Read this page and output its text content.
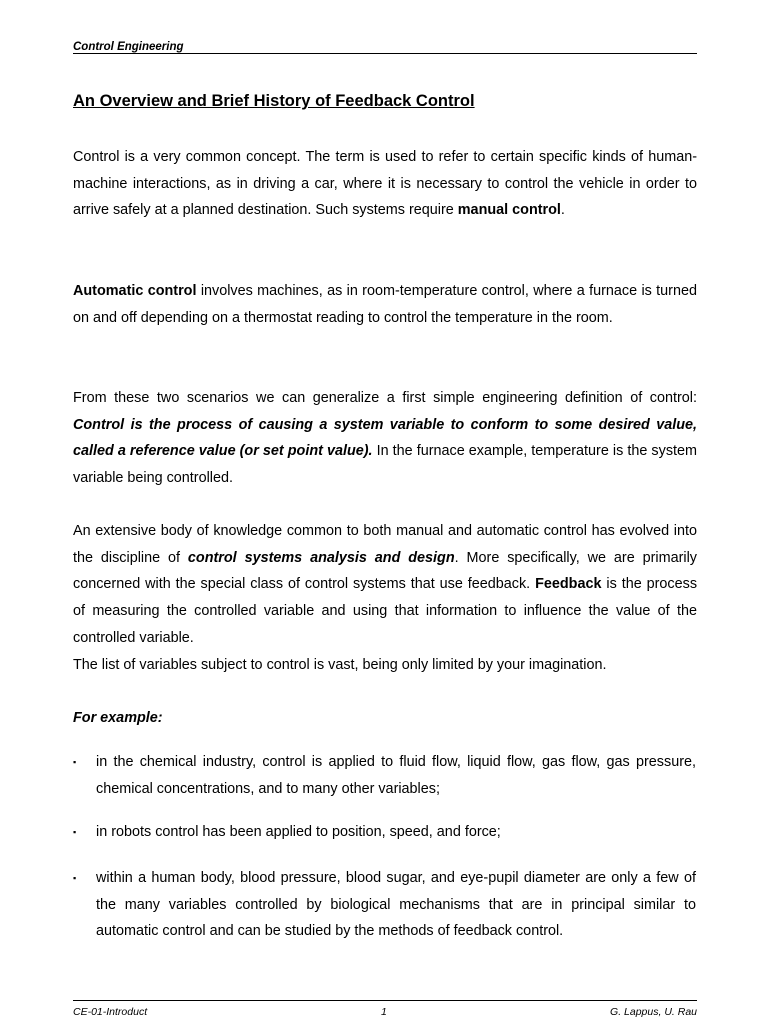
Control Engineering
An Overview and Brief History of Feedback Control

Control is a very common concept. The term is used to refer to certain specific kinds of human-machine interactions, as in driving a car, where it is necessary to control the vehicle in order to arrive safely at a planned destination. Such systems require manual control.

Automatic control involves machines, as in room-temperature control, where a furnace is turned on and off depending on a thermostat reading to control the temperature in the room.

From these two scenarios we can generalize a first simple engineering definition of control: Control is the process of causing a system variable to conform to some desired value, called a reference value (or set point value). In the furnace example, temperature is the system variable being controlled.

An extensive body of knowledge common to both manual and automatic control has evolved into the discipline of control systems analysis and design. More specifically, we are primarily concerned with the special class of control systems that use feedback. Feedback is the process of measuring the controlled variable and using that information to influence the value of the controlled variable.
The list of variables subject to control is vast, being only limited by your imagination.

For example:

▪ in the chemical industry, control is applied to fluid flow, liquid flow, gas flow, gas pressure, chemical concentrations, and to many other variables;

▪ in robots control has been applied to position, speed, and force;

▪ within a human body, blood pressure, blood sugar, and eye-pupil diameter are only a few of the many variables controlled by biological mechanisms that are in principal similar to automatic control and can be studied by the methods of feedback control.

CE-01-Introduct	1	G. Lappus, U. Rau
